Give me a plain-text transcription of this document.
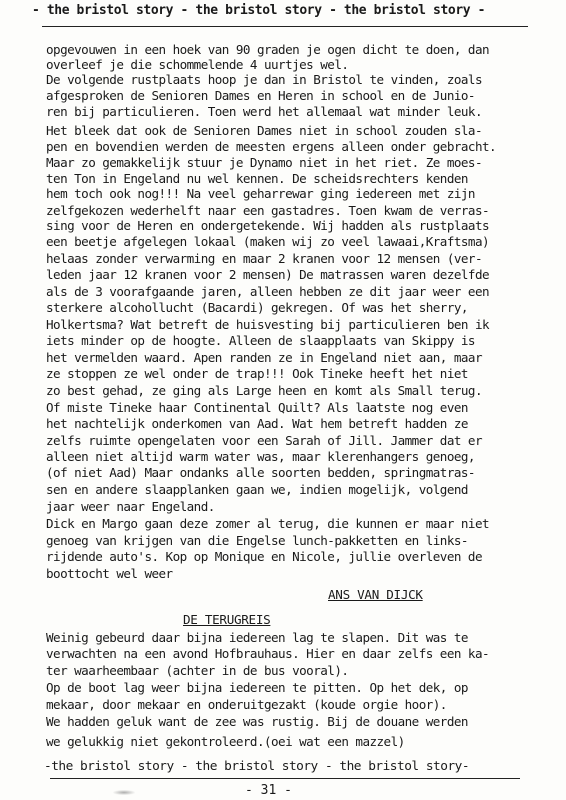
- the bristol story - the bristol story - the bristol story -
opgevouwen in een hoek van 90 graden je ogen dicht te doen, dan
overleef je die schommelende 4 uurtjes wel.
De volgende rustplaats hoop je dan in Bristol te vinden, zoals
afgesproken de Senioren Dames en Heren in school en de Junio-
ren bij particulieren. Toen werd het allemaal wat minder leuk.
Het bleek dat ook de Senioren Dames niet in school zouden sla-
pen en bovendien werden de meesten ergens alleen onder gebracht.
Maar zo gemakkelijk stuur je Dynamo niet in het riet. Ze moes-
ten Ton in Engeland nu wel kennen. De scheidsrechters kenden
hem toch ook nog!!! Na veel geharrewar ging iedereen met zijn
zelfgekozen wederhelft naar een gastadres. Toen kwam de verras-
sing voor de Heren en ondergetekende. Wij hadden als rustplaats
een beetje afgelegen lokaal (maken wij zo veel lawaai,Kraftsma)
helaas zonder verwarming en maar 2 kranen voor 12 mensen (ver-
leden jaar 12 kranen voor 2 mensen) De matrassen waren dezelfde
als de 3 voorafgaande jaren, alleen hebben ze dit jaar weer een
sterkere alcohollucht (Bacardi) gekregen. Of was het sherry,
Holkertsma? Wat betreft de huisvesting bij particulieren ben ik
iets minder op de hoogte. Alleen de slaapplaats van Skippy is
het vermelden waard. Apen randen ze in Engeland niet aan, maar
ze stoppen ze wel onder de trap!!! Ook Tineke heeft het niet
zo best gehad, ze ging als Large heen en komt als Small terug.
Of miste Tineke haar Continental Quilt? Als laatste nog even
het nachtelijk onderkomen van Aad. Wat hem betreft hadden ze
zelfs ruimte opengelaten voor een Sarah of Jill. Jammer dat er
alleen niet altijd warm water was, maar klerenhangers genoeg,
(of niet Aad) Maar ondanks alle soorten bedden, springmatras-
sen en andere slaapplanken gaan we, indien mogelijk, volgend
jaar weer naar Engeland.
Dick en Margo gaan deze zomer al terug, die kunnen er maar niet
genoeg van krijgen van die Engelse lunch-pakketten en links-
rijdende auto's. Kop op Monique en Nicole, jullie overleven de
boottocht wel weer
ANS VAN DIJCK
DE TERUGREIS
Weinig gebeurd daar bijna iedereen lag te slapen. Dit was te
verwachten na een avond Hofbrauhaus. Hier en daar zelfs een ka-
ter waarheembaar (achter in de bus vooral).
Op de boot lag weer bijna iedereen te pitten. Op het dek, op
mekaar, door mekaar en onderuitgezakt (koude orgie hoor).
We hadden geluk want de zee was rustig. Bij de douane werden
we gelukkig niet gekontroleerd.(oei wat een mazzel)
-the bristol story - the bristol story - the bristol story-
- 31 -
